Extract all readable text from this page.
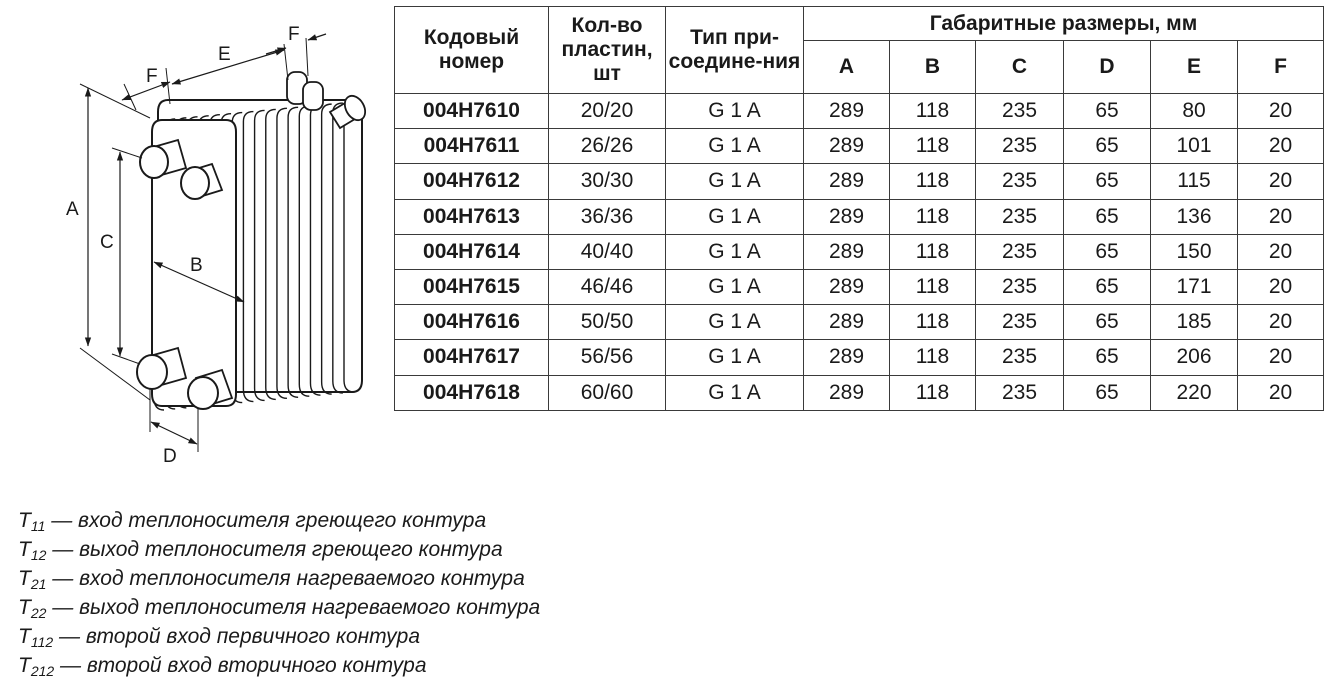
A
C
B
D
F
E
F	Кодовый номер	Кол-во пластин, шт	Тип при-соедине-ния	Габаритные размеры, мм					
			A	B	C	D	E	F
004H7610	20/20	G 1 A	289	118	235	65	80	20
004H7611	26/26	G 1 A	289	118	235	65	101	20
004H7612	30/30	G 1 A	289	118	235	65	115	20
004H7613	36/36	G 1 A	289	118	235	65	136	20
004H7614	40/40	G 1 A	289	118	235	65	150	20
004H7615	46/46	G 1 A	289	118	235	65	171	20
004H7616	50/50	G 1 A	289	118	235	65	185	20
004H7617	56/56	G 1 A	289	118	235	65	206	20
004H7618	60/60	G 1 A	289	118	235	65	220	20
$T_{11}$ — вход теплоносителя греющего контура
$T_{12}$ — выход теплоносителя греющего контура
$T_{21}$ — вход теплоносителя нагреваемого контура
$T_{22}$ — выход теплоносителя нагреваемого контура
$T_{112}$ — второй вход первичного контура
$T_{212}$ — второй вход вторичного контура
